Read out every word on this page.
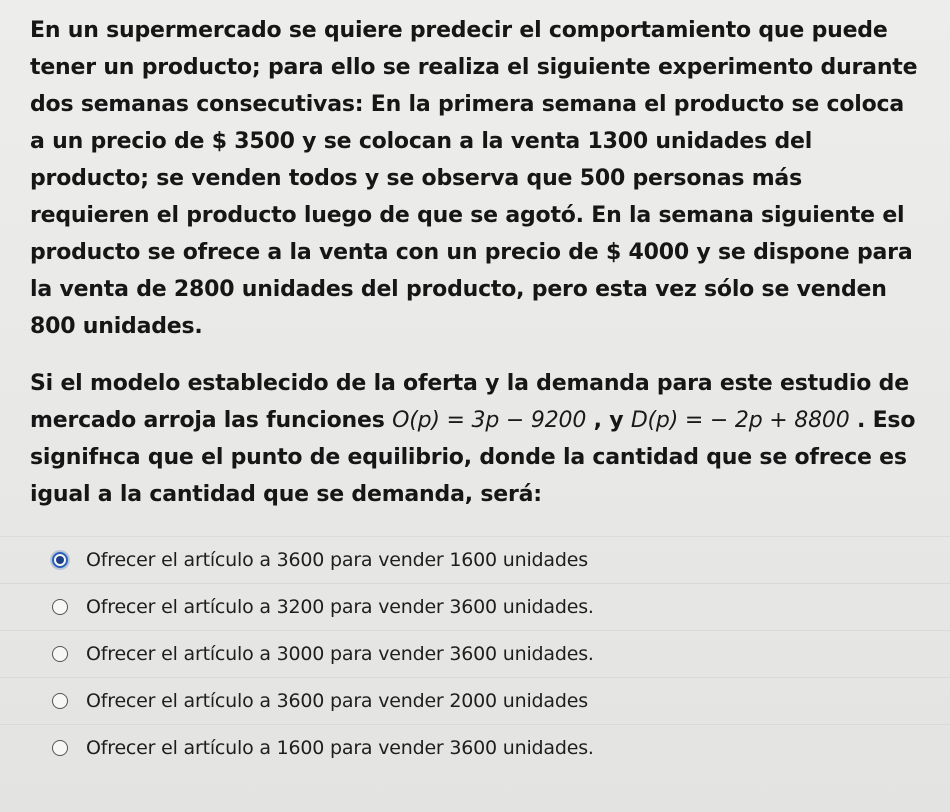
En un supermercado se quiere predecir el comportamiento que puede tener un producto; para ello se realiza el siguiente experimento durante dos semanas consecutivas: En la primera semana el producto se coloca a un precio de $ 3500 y se colocan a la venta 1300 unidades del producto; se venden todos y se observa que 500 personas más requieren el producto luego de que se agotó. En la semana siguiente el producto se ofrece a la venta con un precio de $ 4000 y se dispone para la venta de 2800 unidades del producto, pero esta vez sólo se venden 800 unidades.

Si el modelo establecido de la oferta y la demanda para este estudio de mercado arroja las funciones O(p) = 3p − 9200 , y D(p) = − 2p + 8800 . Eso signifнca que el punto de equilibrio, donde la cantidad que se ofrece es igual a la cantidad que se demanda, será:

Ofrecer el artículo a 3600 para vender 1600 unidades
Ofrecer el artículo a 3200 para vender 3600 unidades.
Ofrecer el artículo a 3000 para vender 3600 unidades.
Ofrecer el artículo a 3600 para vender 2000 unidades
Ofrecer el artículo a 1600 para vender 3600 unidades.
